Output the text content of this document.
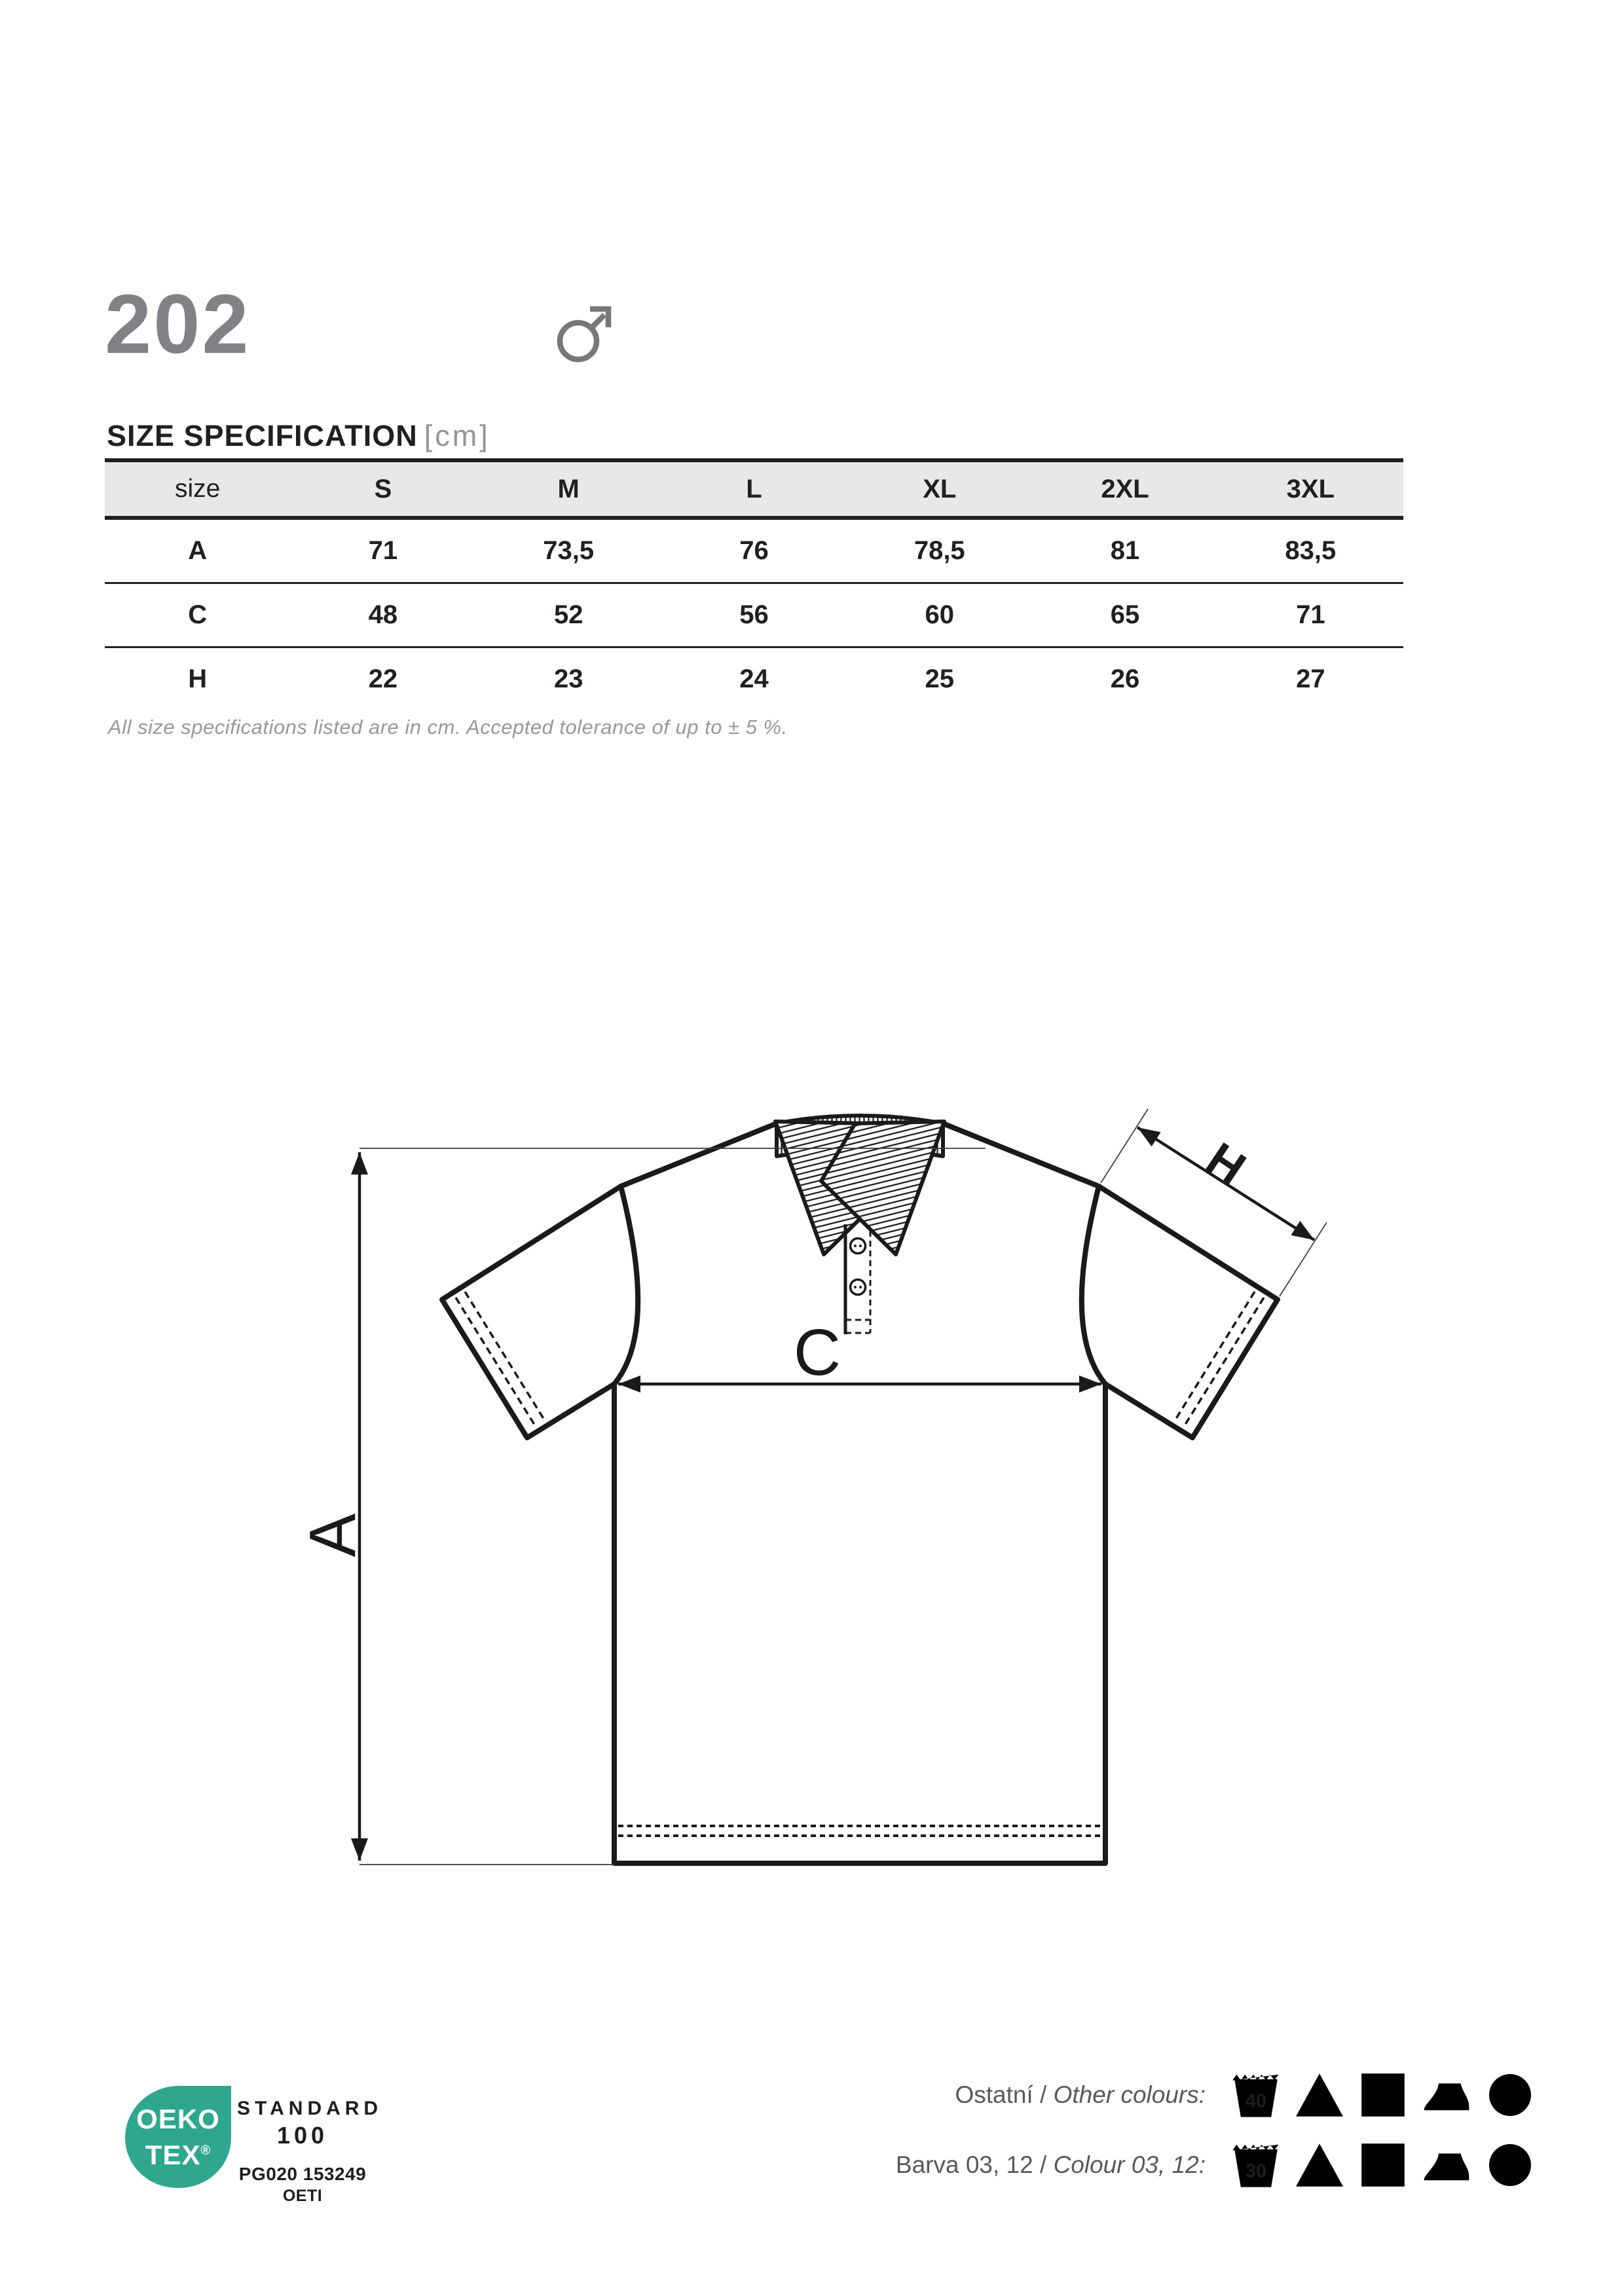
202
SIZE SPECIFICATION [cm]
size	S	M	L	XL	2XL	3XL
A	71	73,5	76	78,5	81	83,5
C	48	52	56	60	65	71
H	22	23	24	25	26	27
All size specifications listed are in cm. Accepted tolerance of up to ± 5 %.
A
C
H
OEKO
TEX®
STANDARD
100
PG020 153249
OETI
Ostatní / Other colours: 40
Barva 03, 12 / Colour 03, 12: 30
